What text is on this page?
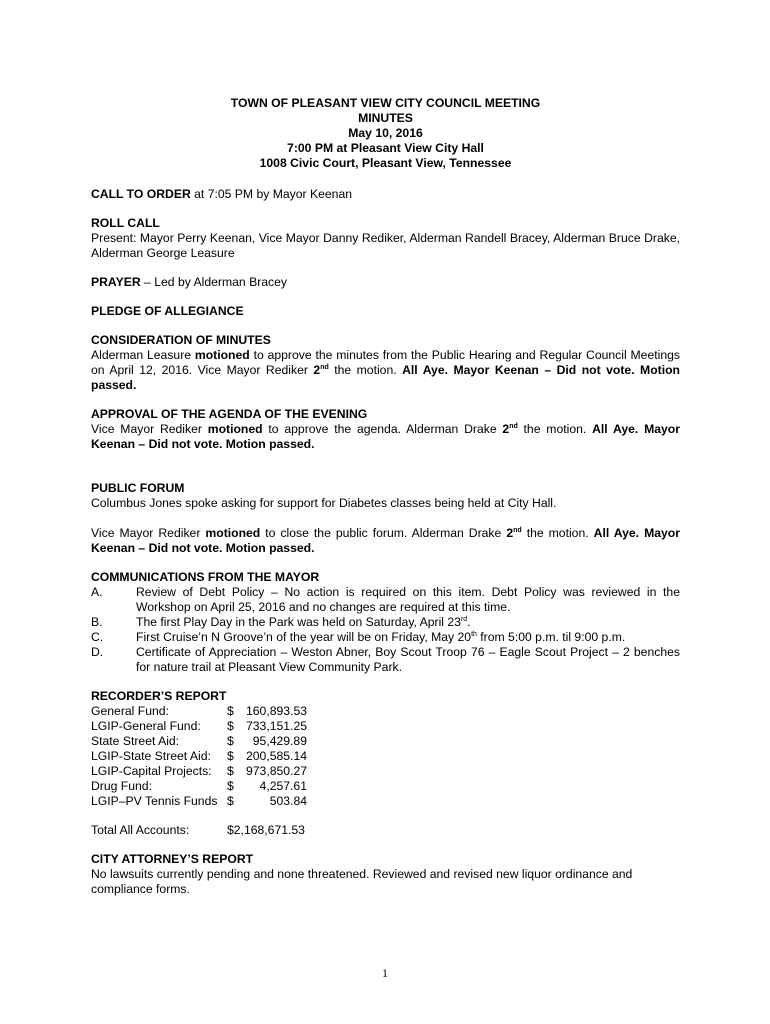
TOWN OF PLEASANT VIEW CITY COUNCIL MEETING
MINUTES
May 10, 2016
7:00 PM at Pleasant View City Hall
1008 Civic Court, Pleasant View, Tennessee
CALL TO ORDER at 7:05 PM by Mayor Keenan
ROLL CALL
Present: Mayor Perry Keenan, Vice Mayor Danny Rediker, Alderman Randell Bracey, Alderman Bruce Drake, Alderman George Leasure
PRAYER – Led by Alderman Bracey
PLEDGE OF ALLEGIANCE
CONSIDERATION OF MINUTES
Alderman Leasure motioned to approve the minutes from the Public Hearing and Regular Council Meetings on April 12, 2016. Vice Mayor Rediker 2nd the motion. All Aye. Mayor Keenan – Did not vote. Motion passed.
APPROVAL OF THE AGENDA OF THE EVENING
Vice Mayor Rediker motioned to approve the agenda. Alderman Drake 2nd the motion. All Aye. Mayor Keenan – Did not vote. Motion passed.
PUBLIC FORUM
Columbus Jones spoke asking for support for Diabetes classes being held at City Hall.
Vice Mayor Rediker motioned to close the public forum. Alderman Drake 2nd the motion. All Aye. Mayor Keenan – Did not vote. Motion passed.
COMMUNICATIONS FROM THE MAYOR
A.	Review of Debt Policy – No action is required on this item. Debt Policy was reviewed in the Workshop on April 25, 2016 and no changes are required at this time.
B.	The first Play Day in the Park was held on Saturday, April 23rd.
C.	First Cruise’n N Groove’n of the year will be on Friday, May 20th from 5:00 p.m. til 9:00 p.m.
D.	Certificate of Appreciation – Weston Abner, Boy Scout Troop 76 – Eagle Scout Project – 2 benches for nature trail at Pleasant View Community Park.
RECORDER’S REPORT
General Fund:	$	160,893.53
LGIP-General Fund:	$	733,151.25
State Street Aid:	$	95,429.89
LGIP-State Street Aid:	$	200,585.14
LGIP-Capital Projects:	$	973,850.27
Drug Fund:	$	4,257.61
LGIP–PV Tennis Funds	$	503.84
Total All Accounts:	$2,168,671.53
CITY ATTORNEY’S REPORT
No lawsuits currently pending and none threatened. Reviewed and revised new liquor ordinance and compliance forms.
1
